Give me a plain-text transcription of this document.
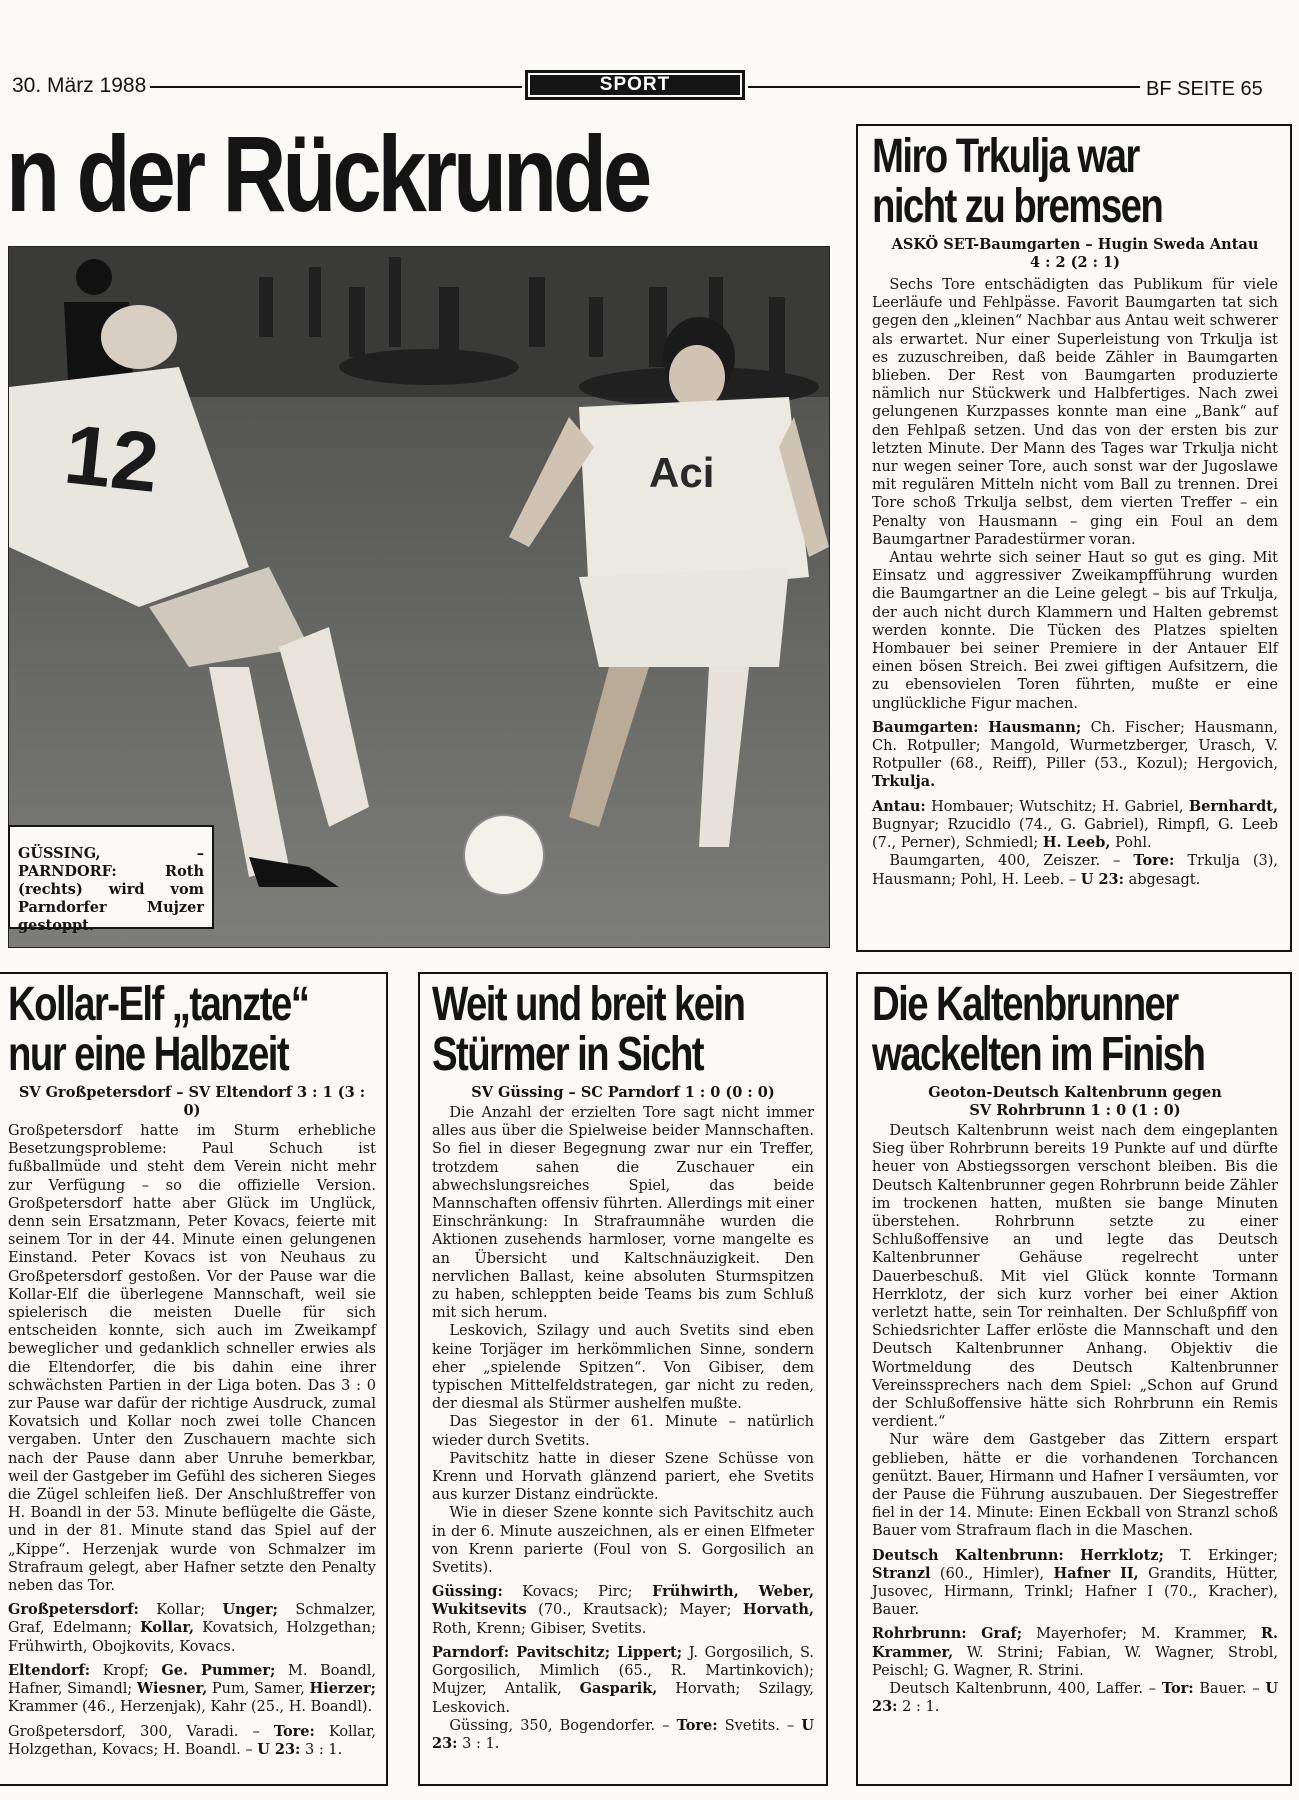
30. März 1988	SPORT	BF SEITE 65
n der Rückrunde
12	Aci
GÜSSING, – PARNDORF: Roth (rechts) wird vom Parndorfer Mujzer gestoppt.
Miro Trkulja war
nicht zu bremsen
ASKÖ SET-Baumgarten – Hugin Sweda Antau
4 : 2 (2 : 1)

Sechs Tore entschädigten das Publikum für viele Leerläufe und Fehlpässe. Favorit Baumgarten tat sich gegen den „kleinen“ Nachbar aus Antau weit schwerer als erwartet. Nur einer Superleistung von Trkulja ist es zuzuschreiben, daß beide Zähler in Baumgarten blieben. Der Rest von Baumgarten produzierte nämlich nur Stückwerk und Halbfertiges. Nach zwei gelungenen Kurzpasses konnte man eine „Bank“ auf den Fehlpaß setzen. Und das von der ersten bis zur letzten Minute. Der Mann des Tages war Trkulja nicht nur wegen seiner Tore, auch sonst war der Jugoslawe mit regulären Mitteln nicht vom Ball zu trennen. Drei Tore schoß Trkulja selbst, dem vierten Treffer – ein Penalty von Hausmann – ging ein Foul an dem Baumgartner Paradestürmer voran.

Antau wehrte sich seiner Haut so gut es ging. Mit Einsatz und aggressiver Zweikampfführung wurden die Baumgartner an die Leine gelegt – bis auf Trkulja, der auch nicht durch Klammern und Halten gebremst werden konnte. Die Tücken des Platzes spielten Hombauer bei seiner Premiere in der Antauer Elf einen bösen Streich. Bei zwei giftigen Aufsitzern, die zu ebensovielen Toren führten, mußte er eine unglückliche Figur machen.

Baumgarten: Hausmann; Ch. Fischer; Hausmann, Ch. Rotpuller; Mangold, Wurmetzberger, Urasch, V. Rotpuller (68., Reiff), Piller (53., Kozul); Hergovich, Trkulja.
Antau: Hombauer; Wutschitz; H. Gabriel, Bernhardt, Bugnyar; Rzucidlo (74., G. Gabriel), Rimpfl, G. Leeb (7., Perner), Schmiedl; H. Leeb, Pohl.
Baumgarten, 400, Zeiszer. – Tore: Trkulja (3), Hausmann; Pohl, H. Leeb. – U 23: abgesagt.
Kollar-Elf „tanzte“
nur eine Halbzeit
SV Großpetersdorf – SV Eltendorf 3 : 1 (3 : 0)

Großpetersdorf hatte im Sturm erhebliche Besetzungsprobleme: Paul Schuch ist fußballmüde und steht dem Verein nicht mehr zur Verfügung – so die offizielle Version. Großpetersdorf hatte aber Glück im Unglück, denn sein Ersatzmann, Peter Kovacs, feierte mit seinem Tor in der 44. Minute einen gelungenen Einstand. Peter Kovacs ist von Neuhaus zu Großpetersdorf gestoßen. Vor der Pause war die Kollar-Elf die überlegene Mannschaft, weil sie spielerisch die meisten Duelle für sich entscheiden konnte, sich auch im Zweikampf beweglicher und gedanklich schneller erwies als die Eltendorfer, die bis dahin eine ihrer schwächsten Partien in der Liga boten. Das 3 : 0 zur Pause war dafür der richtige Ausdruck, zumal Kovatsich und Kollar noch zwei tolle Chancen vergaben. Unter den Zuschauern machte sich nach der Pause dann aber Unruhe bemerkbar, weil der Gastgeber im Gefühl des sicheren Sieges die Zügel schleifen ließ. Der Anschlußtreffer von H. Boandl in der 53. Minute beflügelte die Gäste, und in der 81. Minute stand das Spiel auf der „Kippe“. Herzenjak wurde von Schmalzer im Strafraum gelegt, aber Hafner setzte den Penalty neben das Tor.

Großpetersdorf: Kollar; Unger; Schmalzer, Graf, Edelmann; Kollar, Kovatsich, Holzgethan; Frühwirth, Obojkovits, Kovacs.
Eltendorf: Kropf; Ge. Pummer; M. Boandl, Hafner, Simandl; Wiesner, Pum, Samer, Hierzer; Krammer (46., Herzenjak), Kahr (25., H. Boandl).
Großpetersdorf, 300, Varadi. – Tore: Kollar, Holzgethan, Kovacs; H. Boandl. – U 23: 3 : 1.
Weit und breit kein
Stürmer in Sicht
SV Güssing – SC Parndorf 1 : 0 (0 : 0)

Die Anzahl der erzielten Tore sagt nicht immer alles aus über die Spielweise beider Mannschaften. So fiel in dieser Begegnung zwar nur ein Treffer, trotzdem sahen die Zuschauer ein abwechslungsreiches Spiel, das beide Mannschaften offensiv führten. Allerdings mit einer Einschränkung: In Strafraumnähe wurden die Aktionen zusehends harmloser, vorne mangelte es an Übersicht und Kaltschnäuzigkeit. Den nervlichen Ballast, keine absoluten Sturmspitzen zu haben, schleppten beide Teams bis zum Schluß mit sich herum.

Leskovich, Szilagy und auch Svetits sind eben keine Torjäger im herkömmlichen Sinne, sondern eher „spielende Spitzen“. Von Gibiser, dem typischen Mittelfeldstrategen, gar nicht zu reden, der diesmal als Stürmer aushelfen mußte.

Das Siegestor in der 61. Minute – natürlich wieder durch Svetits.

Pavitschitz hatte in dieser Szene Schüsse von Krenn und Horvath glänzend pariert, ehe Svetits aus kurzer Distanz eindrückte.

Wie in dieser Szene konnte sich Pavitschitz auch in der 6. Minute auszeichnen, als er einen Elfmeter von Krenn parierte (Foul von S. Gorgosilich an Svetits).

Güssing: Kovacs; Pirc; Frühwirth, Weber, Wukitsevits (70., Krautsack); Mayer; Horvath, Roth, Krenn; Gibiser, Svetits.
Parndorf: Pavitschitz; Lippert; J. Gorgosilich, S. Gorgosilich, Mimlich (65., R. Martinkovich); Mujzer, Antalik, Gasparik, Horvath; Szilagy, Leskovich.
Güssing, 350, Bogendorfer. – Tore: Svetits. – U 23: 3 : 1.
Die Kaltenbrunner
wackelten im Finish
Geoton-Deutsch Kaltenbrunn gegen
SV Rohrbrunn 1 : 0 (1 : 0)

Deutsch Kaltenbrunn weist nach dem eingeplanten Sieg über Rohrbrunn bereits 19 Punkte auf und dürfte heuer von Abstiegssorgen verschont bleiben. Bis die Deutsch Kaltenbrunner gegen Rohrbrunn beide Zähler im trockenen hatten, mußten sie bange Minuten überstehen. Rohrbrunn setzte zu einer Schlußoffensive an und legte das Deutsch Kaltenbrunner Gehäuse regelrecht unter Dauerbeschuß. Mit viel Glück konnte Tormann Herrklotz, der sich kurz vorher bei einer Aktion verletzt hatte, sein Tor reinhalten. Der Schlußpfiff von Schiedsrichter Laffer erlöste die Mannschaft und den Deutsch Kaltenbrunner Anhang. Objektiv die Wortmeldung des Deutsch Kaltenbrunner Vereinssprechers nach dem Spiel: „Schon auf Grund der Schlußoffensive hätte sich Rohrbrunn ein Remis verdient.“

Nur wäre dem Gastgeber das Zittern erspart geblieben, hätte er die vorhandenen Torchancen genützt. Bauer, Hirmann und Hafner I versäumten, vor der Pause die Führung auszubauen. Der Siegestreffer fiel in der 14. Minute: Einen Eckball von Stranzl schoß Bauer vom Strafraum flach in die Maschen.

Deutsch Kaltenbrunn: Herrklotz; T. Erkinger; Stranzl (60., Himler), Hafner II, Grandits, Hütter, Jusovec, Hirmann, Trinkl; Hafner I (70., Kracher), Bauer.
Rohrbrunn: Graf; Mayerhofer; M. Krammer, R. Krammer, W. Strini; Fabian, W. Wagner, Strobl, Peischl; G. Wagner, R. Strini.
Deutsch Kaltenbrunn, 400, Laffer. – Tor: Bauer. – U 23: 2 : 1.
